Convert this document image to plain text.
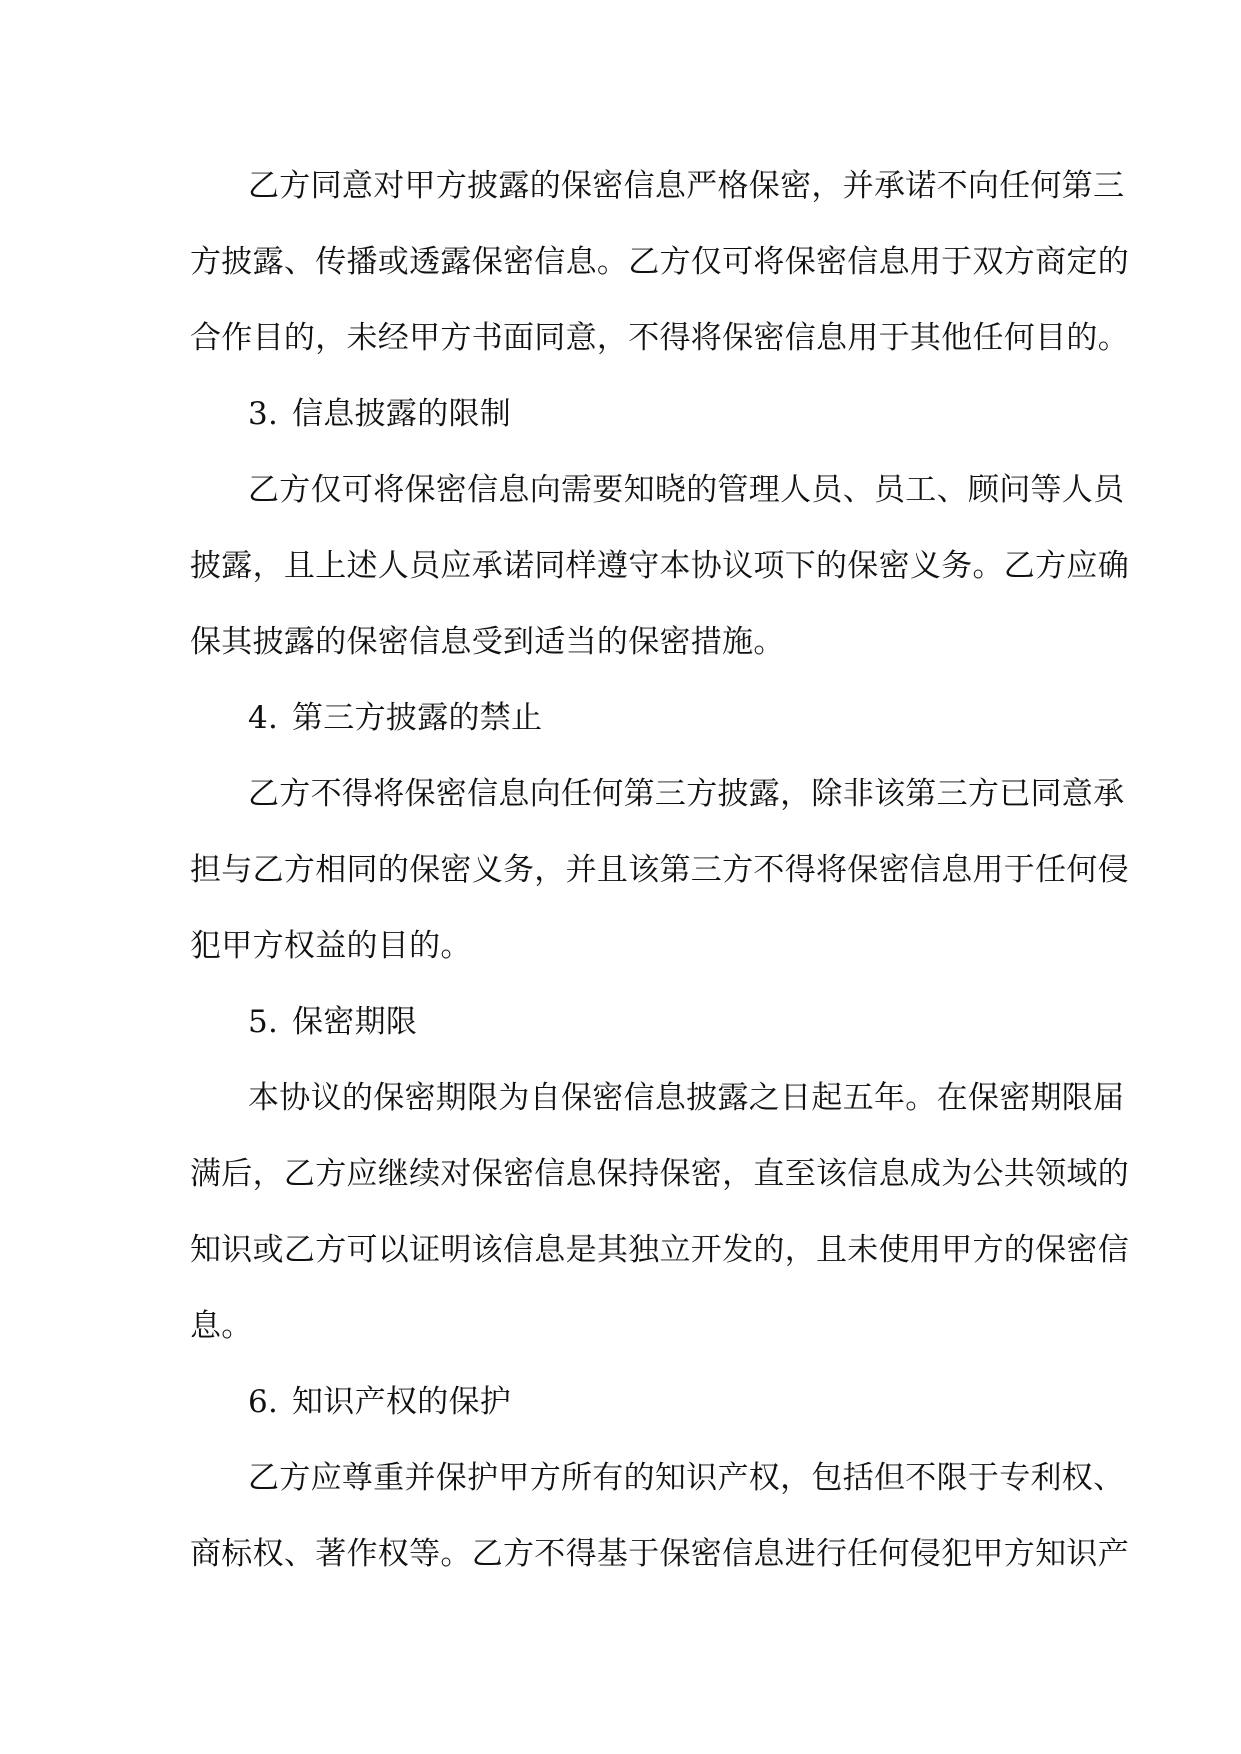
乙方同意对甲方披露的保密信息严格保密，并承诺不向任何第三
方披露、传播或透露保密信息。乙方仅可将保密信息用于双方商定的
合作目的，未经甲方书面同意，不得将保密信息用于其他任何目的。
3. 信息披露的限制
乙方仅可将保密信息向需要知晓的管理人员、员工、顾问等人员
披露，且上述人员应承诺同样遵守本协议项下的保密义务。乙方应确
保其披露的保密信息受到适当的保密措施。
4. 第三方披露的禁止
乙方不得将保密信息向任何第三方披露，除非该第三方已同意承
担与乙方相同的保密义务，并且该第三方不得将保密信息用于任何侵
犯甲方权益的目的。
5. 保密期限
本协议的保密期限为自保密信息披露之日起五年。在保密期限届
满后，乙方应继续对保密信息保持保密，直至该信息成为公共领域的
知识或乙方可以证明该信息是其独立开发的，且未使用甲方的保密信
息。
6. 知识产权的保护
乙方应尊重并保护甲方所有的知识产权，包括但不限于专利权、
商标权、著作权等。乙方不得基于保密信息进行任何侵犯甲方知识产
